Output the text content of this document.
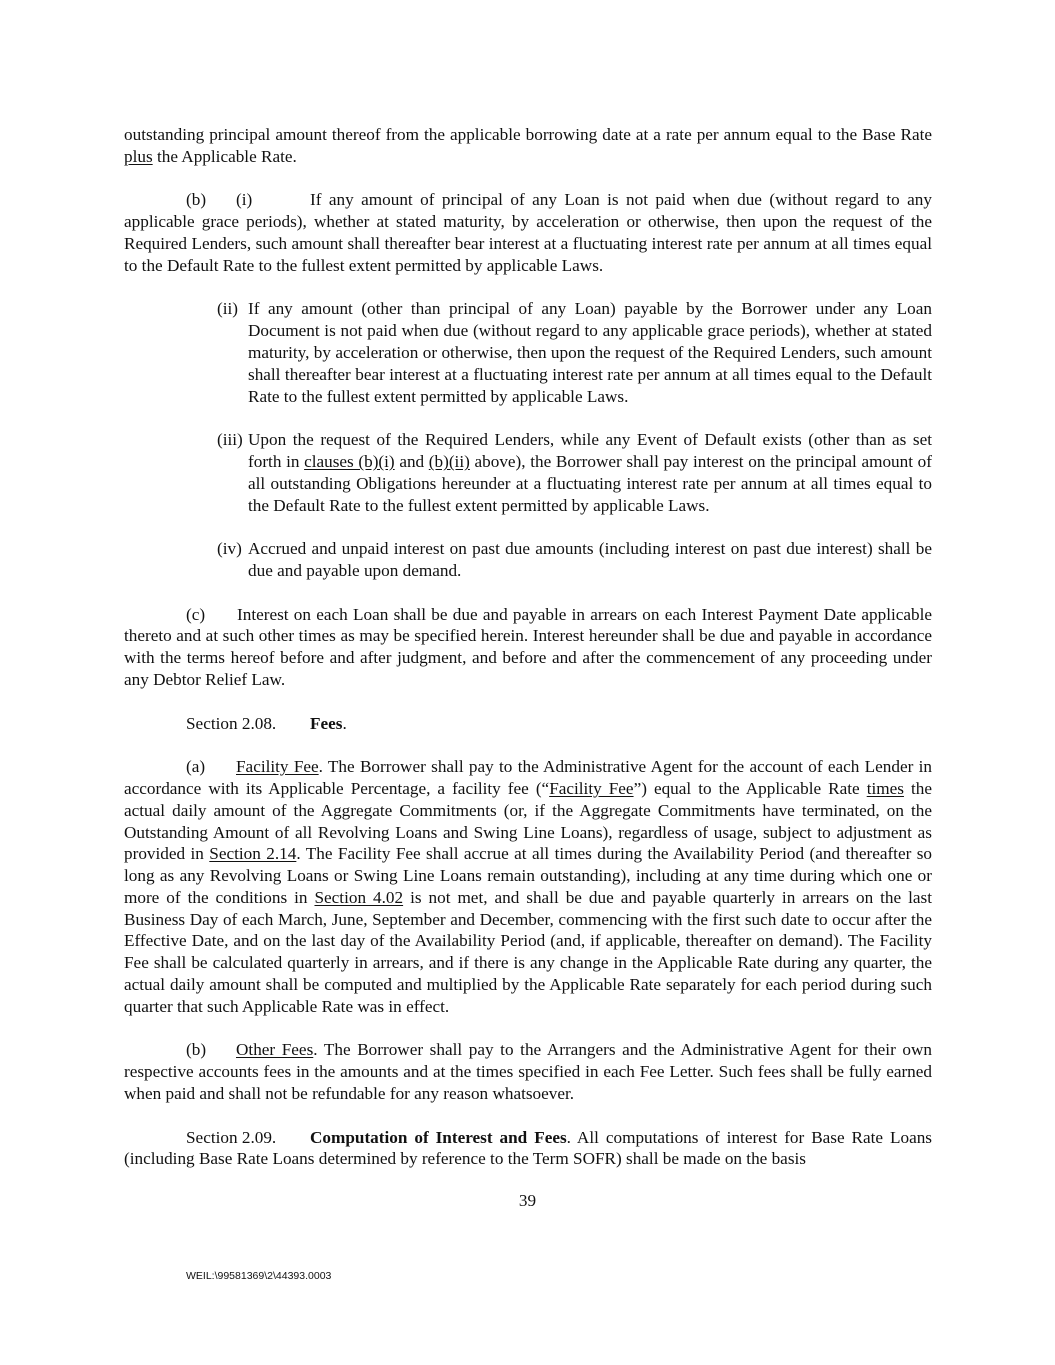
outstanding principal amount thereof from the applicable borrowing date at a rate per annum equal to the Base Rate plus the Applicable Rate.

(b) (i)	If any amount of principal of any Loan is not paid when due (without regard to any applicable grace periods), whether at stated maturity, by acceleration or otherwise, then upon the request of the Required Lenders, such amount shall thereafter bear interest at a fluctuating interest rate per annum at all times equal to the Default Rate to the fullest extent permitted by applicable Laws.

(ii) If any amount (other than principal of any Loan) payable by the Borrower under any Loan Document is not paid when due (without regard to any applicable grace periods), whether at stated maturity, by acceleration or otherwise, then upon the request of the Required Lenders, such amount shall thereafter bear interest at a fluctuating interest rate per annum at all times equal to the Default Rate to the fullest extent permitted by applicable Laws.

(iii) Upon the request of the Required Lenders, while any Event of Default exists (other than as set forth in clauses (b)(i) and (b)(ii) above), the Borrower shall pay interest on the principal amount of all outstanding Obligations hereunder at a fluctuating interest rate per annum at all times equal to the Default Rate to the fullest extent permitted by applicable Laws.

(iv) Accrued and unpaid interest on past due amounts (including interest on past due interest) shall be due and payable upon demand.

(c) Interest on each Loan shall be due and payable in arrears on each Interest Payment Date applicable thereto and at such other times as may be specified herein. Interest hereunder shall be due and payable in accordance with the terms hereof before and after judgment, and before and after the commencement of any proceeding under any Debtor Relief Law.

Section 2.08. Fees.

(a) Facility Fee. The Borrower shall pay to the Administrative Agent for the account of each Lender in accordance with its Applicable Percentage, a facility fee (“Facility Fee”) equal to the Applicable Rate times the actual daily amount of the Aggregate Commitments (or, if the Aggregate Commitments have terminated, on the Outstanding Amount of all Revolving Loans and Swing Line Loans), regardless of usage, subject to adjustment as provided in Section 2.14. The Facility Fee shall accrue at all times during the Availability Period (and thereafter so long as any Revolving Loans or Swing Line Loans remain outstanding), including at any time during which one or more of the conditions in Section 4.02 is not met, and shall be due and payable quarterly in arrears on the last Business Day of each March, June, September and December, commencing with the first such date to occur after the Effective Date, and on the last day of the Availability Period (and, if applicable, thereafter on demand). The Facility Fee shall be calculated quarterly in arrears, and if there is any change in the Applicable Rate during any quarter, the actual daily amount shall be computed and multiplied by the Applicable Rate separately for each period during such quarter that such Applicable Rate was in effect.

(b) Other Fees. The Borrower shall pay to the Arrangers and the Administrative Agent for their own respective accounts fees in the amounts and at the times specified in each Fee Letter. Such fees shall be fully earned when paid and shall not be refundable for any reason whatsoever.

Section 2.09. Computation of Interest and Fees. All computations of interest for Base Rate Loans (including Base Rate Loans determined by reference to the Term SOFR) shall be made on the basis

39
WEIL:\99581369\2\44393.0003
